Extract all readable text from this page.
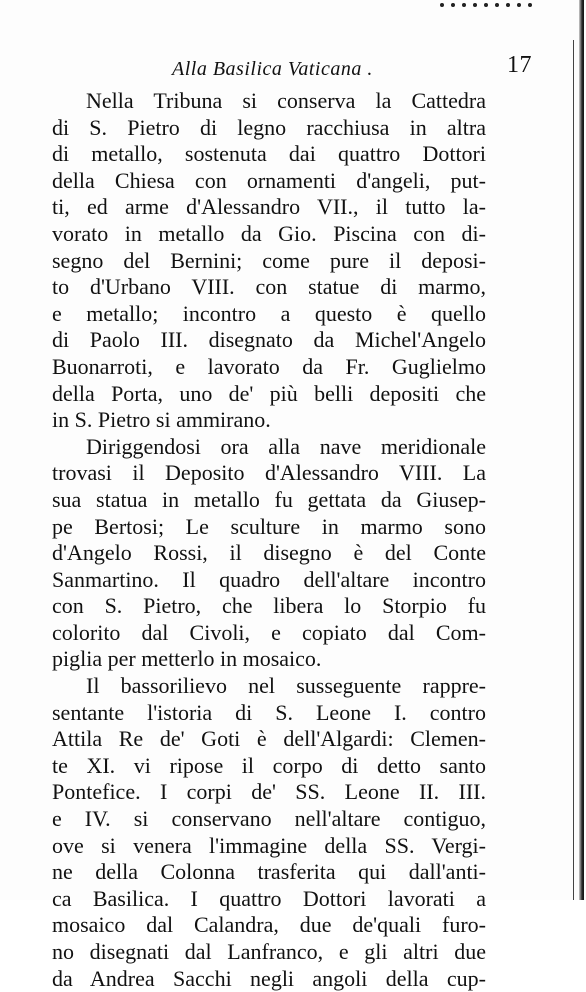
Alla Basilica Vaticana .	17
Nella Tribuna si conserva la Cattedra
di S. Pietro di legno racchiusa in altra
di metallo, sostenuta dai quattro Dottori
della Chiesa con ornamenti d'angeli, put-
ti, ed arme d'Alessandro VII., il tutto la-
vorato in metallo da Gio. Piscina con di-
segno del Bernini; come pure il deposi-
to d'Urbano VIII. con statue di marmo,
e metallo; incontro a questo è quello
di Paolo III. disegnato da Michel'Angelo
Buonarroti, e lavorato da Fr. Guglielmo
della Porta, uno de' più belli depositi che
in S. Pietro si ammirano.
Diriggendosi ora alla nave meridionale
trovasi il Deposito d'Alessandro VIII. La
sua statua in metallo fu gettata da Giusep-
pe Bertosi; Le sculture in marmo sono
d'Angelo Rossi, il disegno è del Conte
Sanmartino. Il quadro dell'altare incontro
con S. Pietro, che libera lo Storpio fu
colorito dal Civoli, e copiato dal Com-
piglia per metterlo in mosaico.
Il bassorilievo nel susseguente rappre-
sentante l'istoria di S. Leone I. contro
Attila Re de' Goti è dell'Algardi: Clemen-
te XI. vi ripose il corpo di detto santo
Pontefice. I corpi de' SS. Leone II. III.
e IV. si conservano nell'altare contiguo,
ove si venera l'immagine della SS. Vergi-
ne della Colonna trasferita qui dall'anti-
ca Basilica. I quattro Dottori lavorati a
mosaico dal Calandra, due de'quali furo-
no disegnati dal Lanfranco, e gli altri due
da Andrea Sacchi negli angoli della cup-
